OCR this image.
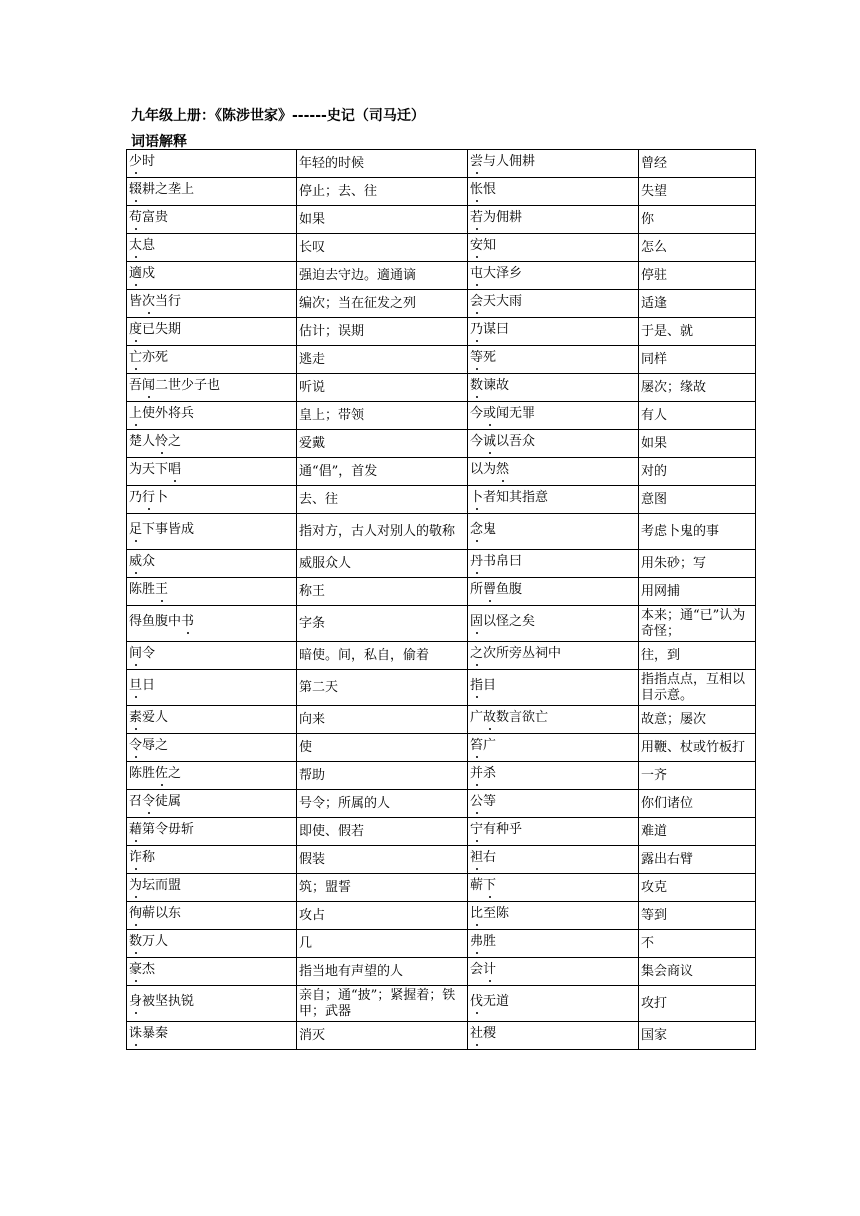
九年级上册：《陈涉世家》------史记（司马迁）
词语解释
少时	年轻的时候	尝与人佣耕	曾经
辍耕之垄上	停止；去、往	怅恨	失望
苟富贵	如果	若为佣耕	你
太息	长叹	安知	怎么
適戍	强迫去守边。適通谪	屯大泽乡	停驻
皆次当行	编次；当在征发之列	会天大雨	适逢
度已失期	估计；误期	乃谋曰	于是、就
亡亦死	逃走	等死	同样
吾闻二世少子也	听说	数谏故	屡次；缘故
上使外将兵	皇上；带领	今或闻无罪	有人
楚人怜之	爱戴	今诚以吾众	如果
为天下唱	通“倡”，首发	以为然	对的
乃行卜	去、往	卜者知其指意	意图
足下事皆成	指对方，古人对别人的敬称	念鬼	考虑卜鬼的事
威众	威服众人	丹书帛曰	用朱砂；写
陈胜王	称王	所罾鱼腹	用网捕
得鱼腹中书	字条	固以怪之矣	本来；通“已”认为奇怪；
间令	暗使。间，私自，偷着	之次所旁丛祠中	往，到
旦日	第二天	指目	指指点点，互相以目示意。
素爱人	向来	广故数言欲亡	故意；屡次
令辱之	使	笞广	用鞭、杖或竹板打
陈胜佐之	帮助	并杀	一齐
召令徒属	号令；所属的人	公等	你们诸位
藉第令毋斩	即使、假若	宁有种乎	难道
诈称	假装	袒右	露出右臂
为坛而盟	筑；盟誓	蕲下	攻克
徇蕲以东	攻占	比至陈	等到
数万人	几	弗胜	不
豪杰	指当地有声望的人	会计	集会商议
身被坚执锐	亲自；通“披”；紧握着；铁甲；武器	伐无道	攻打
诛暴秦	消灭	社稷	国家
